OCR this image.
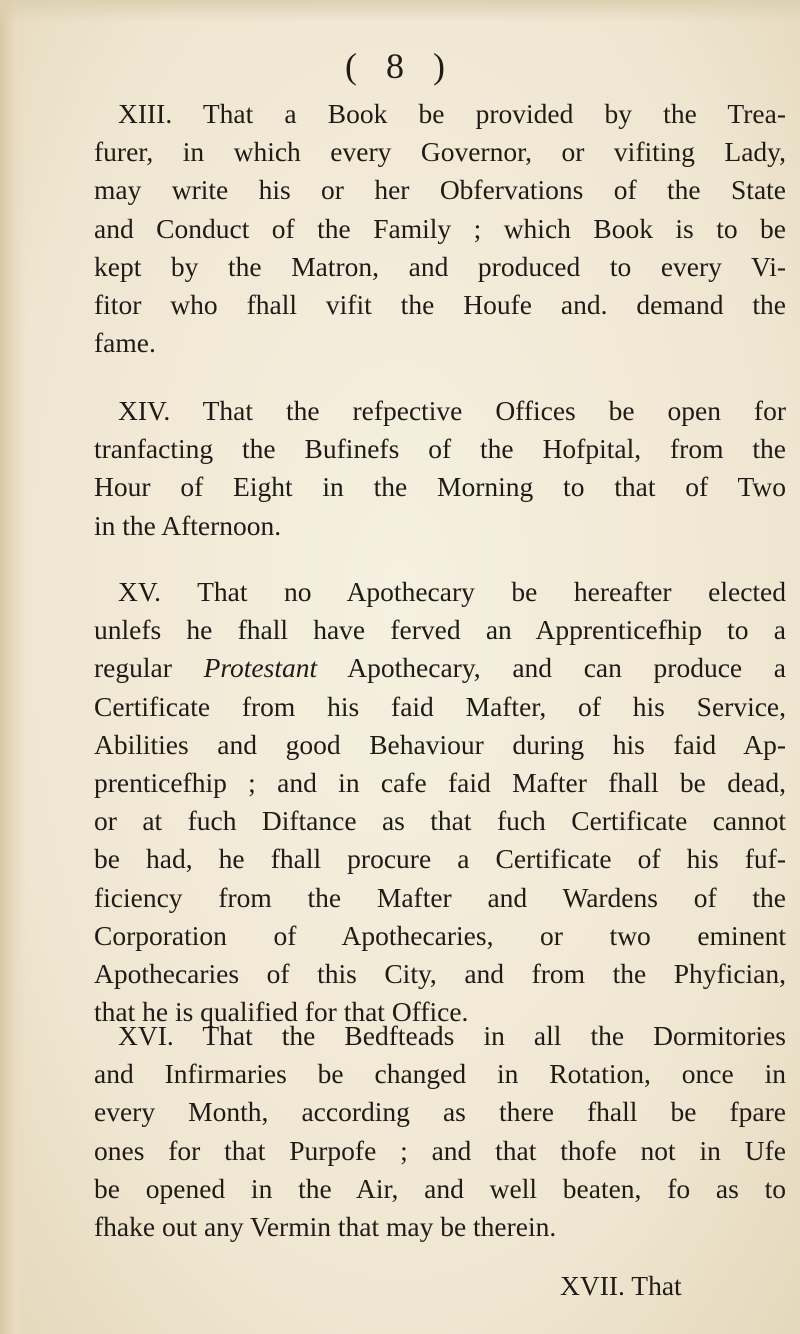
( 8 )
XIII. That a Book be provided by the Trea-
furer, in which every Governor, or vifiting Lady,
may write his or her Obfervations of the State
and Conduct of the Family ; which Book is to be
kept by the Matron, and produced to every Vi-
fitor who fhall vifit the Houfe and. demand the
fame.
XIV. That the refpective Offices be open for
tranfacting the Bufinefs of the Hofpital, from the
Hour of Eight in the Morning to that of Two
in the Afternoon.
XV. That no Apothecary be hereafter elected
unlefs he fhall have ferved an Apprenticefhip to a
regular Protestant Apothecary, and can produce a
Certificate from his faid Mafter, of his Service,
Abilities and good Behaviour during his faid Ap-
prenticefhip ; and in cafe faid Mafter fhall be dead,
or at fuch Diftance as that fuch Certificate cannot
be had, he fhall procure a Certificate of his fuf-
ficiency from the Mafter and Wardens of the
Corporation of Apothecaries, or two eminent
Apothecaries of this City, and from the Phyfician,
that he is qualified for that Office.
XVI. That the Bedfteads in all the Dormitories
and Infirmaries be changed in Rotation, once in
every Month, according as there fhall be fpare
ones for that Purpofe ; and that thofe not in Ufe
be opened in the Air, and well beaten, fo as to
fhake out any Vermin that may be therein.
XVII. That
